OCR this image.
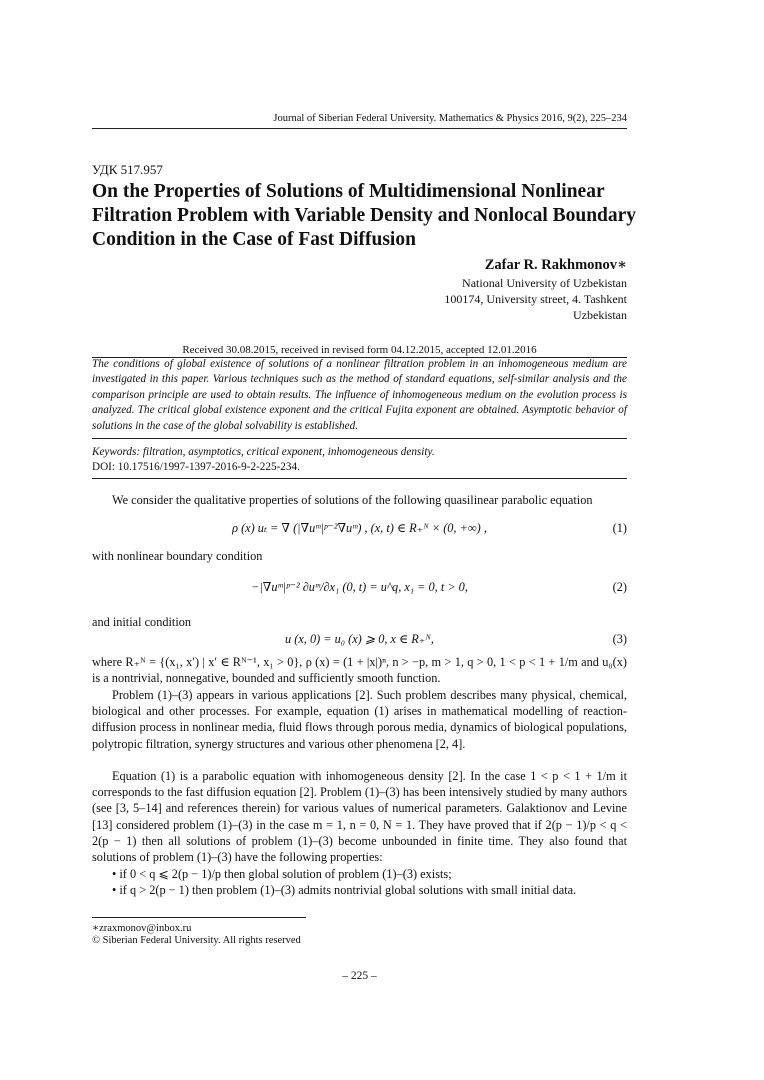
Journal of Siberian Federal University. Mathematics & Physics 2016, 9(2), 225–234
УДК 517.957
On the Properties of Solutions of Multidimensional Nonlinear Filtration Problem with Variable Density and Nonlocal Boundary Condition in the Case of Fast Diffusion
Zafar R. Rakhmonov∗
National University of Uzbekistan
100174, University street, 4. Tashkent
Uzbekistan
Received 30.08.2015, received in revised form 04.12.2015, accepted 12.01.2016
The conditions of global existence of solutions of a nonlinear filtration problem in an inhomogeneous medium are investigated in this paper. Various techniques such as the method of standard equations, self-similar analysis and the comparison principle are used to obtain results. The influence of inhomogeneous medium on the evolution process is analyzed. The critical global existence exponent and the critical Fujita exponent are obtained. Asymptotic behavior of solutions in the case of the global solvability is established.
Keywords: filtration, asymptotics, critical exponent, inhomogeneous density.
DOI: 10.17516/1997-1397-2016-9-2-225-234.
We consider the qualitative properties of solutions of the following quasilinear parabolic equation
ρ (x) uₜ = ∇ (|∇uᵐ|ᵖ⁻²∇uᵐ) , (x, t) ∈ R₊ᴺ × (0, +∞) ,	(1)
with nonlinear boundary condition
−|∇uᵐ|ᵖ⁻² ∂uᵐ/∂x₁ (0, t) = u^q, x₁ = 0, t > 0,	(2)
and initial condition
u (x, 0) = u₀ (x) ⩾ 0, x ∈ R₊ᴺ,	(3)
where R₊ᴺ = {(x₁, x′) | x′ ∈ Rᴺ⁻¹, x₁ > 0}, ρ (x) = (1 + |x|)ⁿ, n > −p, m > 1, q > 0, 1 < p < 1 + 1/m and u₀(x) is a nontrivial, nonnegative, bounded and sufficiently smooth function.
Problem (1)–(3) appears in various applications [2]. Such problem describes many physical, chemical, biological and other processes. For example, equation (1) arises in mathematical modelling of reaction-diffusion process in nonlinear media, fluid flows through porous media, dynamics of biological populations, polytropic filtration, synergy structures and various other phenomena [2, 4].
Equation (1) is a parabolic equation with inhomogeneous density [2]. In the case 1 < p < 1 + 1/m it corresponds to the fast diffusion equation [2]. Problem (1)–(3) has been intensively studied by many authors (see [3, 5–14] and references therein) for various values of numerical parameters. Galaktionov and Levine [13] considered problem (1)–(3) in the case m = 1, n = 0, N = 1. They have proved that if 2(p − 1)/p < q < 2(p − 1) then all solutions of problem (1)–(3) become unbounded in finite time. They also found that solutions of problem (1)–(3) have the following properties:
• if 0 < q ⩽ 2(p − 1)/p then global solution of problem (1)–(3) exists;
• if q > 2(p − 1) then problem (1)–(3) admits nontrivial global solutions with small initial data.
∗zraxmonov@inbox.ru
© Siberian Federal University. All rights reserved
– 225 –
